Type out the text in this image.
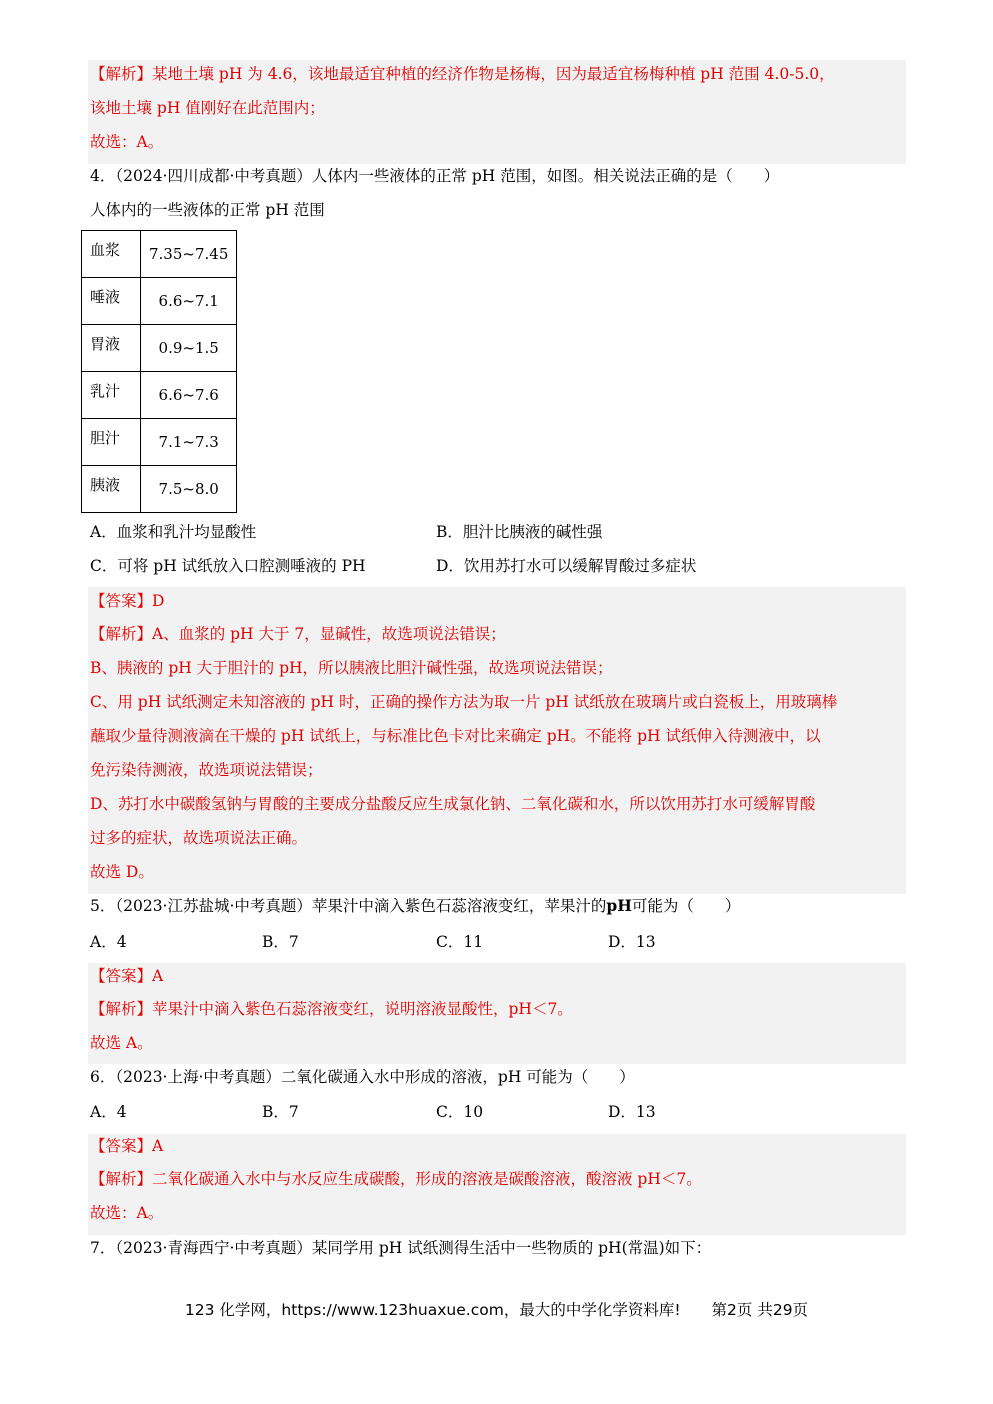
【解析】某地土壤 pH 为 4.6，该地最适宜种植的经济作物是杨梅，因为最适宜杨梅种植 pH 范围 4.0-5.0，
该地土壤 pH 值刚好在此范围内；
故选：A。
4．（2024·四川成都·中考真题）人体内一些液体的正常 pH 范围，如图。相关说法正确的是（　　）
人体内的一些液体的正常 pH 范围
血浆	7.35~7.45
唾液	6.6~7.1
胃液	0.9~1.5
乳汁	6.6~7.6
胆汁	7.1~7.3
胰液	7.5~8.0
A．血浆和乳汁均显酸性	B．胆汁比胰液的碱性强
C．可将 pH 试纸放入口腔测唾液的 PH	D．饮用苏打水可以缓解胃酸过多症状
【答案】D
【解析】A、血浆的 pH 大于 7，显碱性，故选项说法错误；
B、胰液的 pH 大于胆汁的 pH，所以胰液比胆汁碱性强，故选项说法错误；
C、用 pH 试纸测定未知溶液的 pH 时，正确的操作方法为取一片 pH 试纸放在玻璃片或白瓷板上，用玻璃棒
蘸取少量待测液滴在干燥的 pH 试纸上，与标准比色卡对比来确定 pH。不能将 pH 试纸伸入待测液中，以
免污染待测液，故选项说法错误；
D、苏打水中碳酸氢钠与胃酸的主要成分盐酸反应生成氯化钠、二氧化碳和水，所以饮用苏打水可缓解胃酸
过多的症状，故选项说法正确。
故选 D。
5．（2023·江苏盐城·中考真题）苹果汁中滴入紫色石蕊溶液变红，苹果汁的pH可能为（　　）
A．4	B．7	C．11	D．13
【答案】A
【解析】苹果汁中滴入紫色石蕊溶液变红，说明溶液显酸性，pH＜7。
故选 A。
6．（2023·上海·中考真题）二氧化碳通入水中形成的溶液，pH 可能为（　　）
A．4	B．7	C．10	D．13
【答案】A
【解析】二氧化碳通入水中与水反应生成碳酸，形成的溶液是碳酸溶液，酸溶液 pH＜7。
故选：A。
7．（2023·青海西宁·中考真题）某同学用 pH 试纸测得生活中一些物质的 pH(常温)如下：
123 化学网，https://www.123huaxue.com，最大的中学化学资料库!　　第2页 共29页
